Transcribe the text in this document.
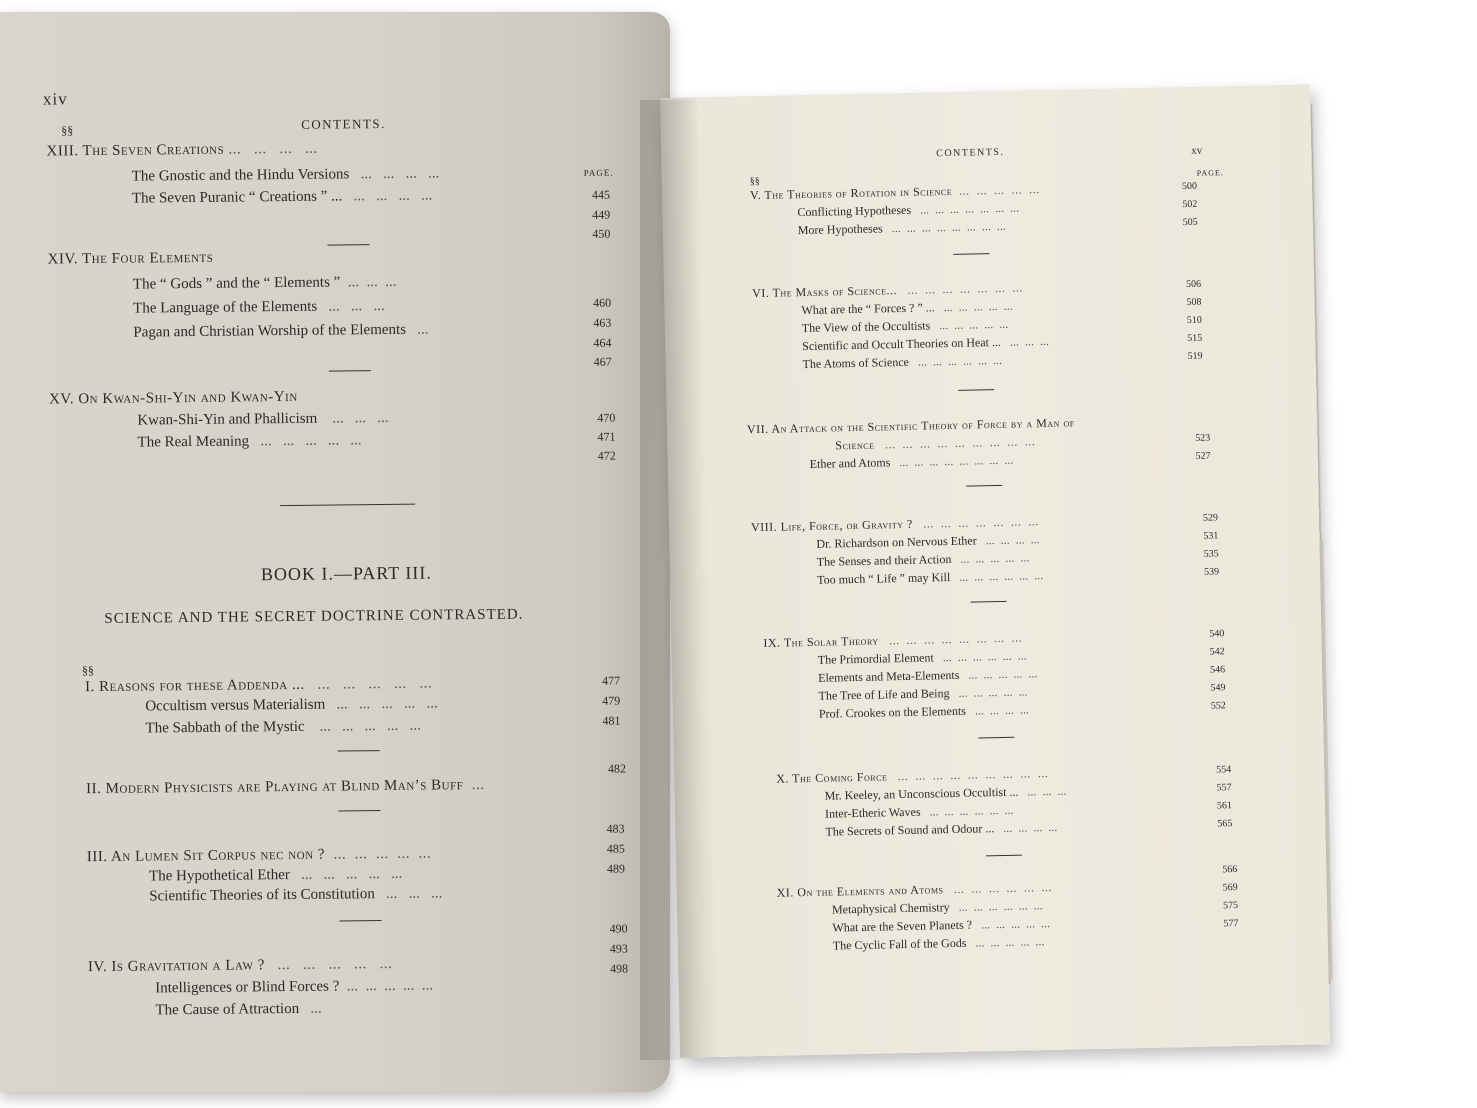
xiv
CONTENTS.
§§
PAGE.
XIII. The Seven Creations ...   ...   ...   ...
The Gnostic and the Hindu Versions   ...   ...   ...   ...
The Seven Puranic “ Creations ” ...   ...   ...   ...   ...	445
449
450
XIV. The Four Elements
The “ Gods ” and the “ Elements ”  ...  ...  ...
The Language of the Elements   ...   ...   ...
Pagan and Christian Worship of the Elements   ...
460
463
464
467
XV. On Kwan-Shi-Yin and Kwan-Yin
Kwan-Shi-Yin and Phallicism    ...   ...   ...
The Real Meaning   ...   ...   ...   ...   ...
470
471
472
BOOK I.—PART III.
SCIENCE AND THE SECRET DOCTRINE CONTRASTED.
§§
I. Reasons for these Addenda ...   ...   ...   ...   ...   ...
Occultism versus Materialism   ...   ...   ...   ...   ...
The Sabbath of the Mystic    ...   ...   ...   ...   ...
477
479
481
II. Modern Physicists are Playing at Blind Man’s Buff  ...
482
III. An Lumen Sit Corpus nec non ?  ...  ...  ...  ...  ...
The Hypothetical Ether   ...   ...   ...   ...   ...
Scientific Theories of its Constitution   ...   ...   ...
483
485
489
IV. Is Gravitation a Law ?   ...   ...   ...   ...   ...
Intelligences or Blind Forces ?  ...  ...  ...  ...  ...
The Cause of Attraction   ...
490
493
498
CONTENTS.	xv
§§
PAGE.
V. The Theories of Rotation in Science  ...  ...  ...  ...  ...
Conflicting Hypotheses   ...  ...  ...  ...  ...  ...  ...
More Hypotheses   ...  ...  ...  ...  ...  ...  ...  ...
500
502
505
VI. The Masks of Science...   ...  ...  ...  ...  ...  ...  ...
What are the “ Forces ? ” ...   ...  ...  ...  ...  ...
The View of the Occultists   ...  ...  ...  ...  ...
Scientific and Occult Theories on Heat ...   ...  ...  ...
The Atoms of Science   ...  ...  ...  ...  ...  ...
506
508
510
515
519
VII. An Attack on the Scientific Theory of Force by a Man of
Science   ...  ...  ...  ...  ...  ...  ...  ...  ...
Ether and Atoms   ...  ...  ...  ...  ...  ...  ...  ...
523
527
VIII. Life, Force, or Gravity ?   ...  ...  ...  ...  ...  ...  ...
Dr. Richardson on Nervous Ether   ...  ...  ...  ...
The Senses and their Action   ...  ...  ...  ...  ...
Too much “ Life ” may Kill   ...  ...  ...  ...  ...  ...
529
531
535
539
IX. The Solar Theory   ...  ...  ...  ...  ...  ...  ...  ...
The Primordial Element   ...  ...  ...  ...  ...  ...
Elements and Meta-Elements   ...  ...  ...  ...  ...
The Tree of Life and Being   ...  ...  ...  ...  ...
Prof. Crookes on the Elements   ...  ...  ...  ...
540
542
546
549
552
X. The Coming Force   ...  ...  ...  ...  ...  ...  ...  ...  ...
Mr. Keeley, an Unconscious Occultist ...   ...  ...  ...
Inter-Etheric Waves   ...  ...  ...  ...  ...  ...
The Secrets of Sound and Odour ...   ...  ...  ...  ...
554
557
561
565
XI. On the Elements and Atoms   ...  ...  ...  ...  ...  ...
Metaphysical Chemistry   ...  ...  ...  ...  ...  ...
What are the Seven Planets ?   ...  ...  ...  ...  ...
The Cyclic Fall of the Gods   ...  ...  ...  ...  ...
566
569
575
577
